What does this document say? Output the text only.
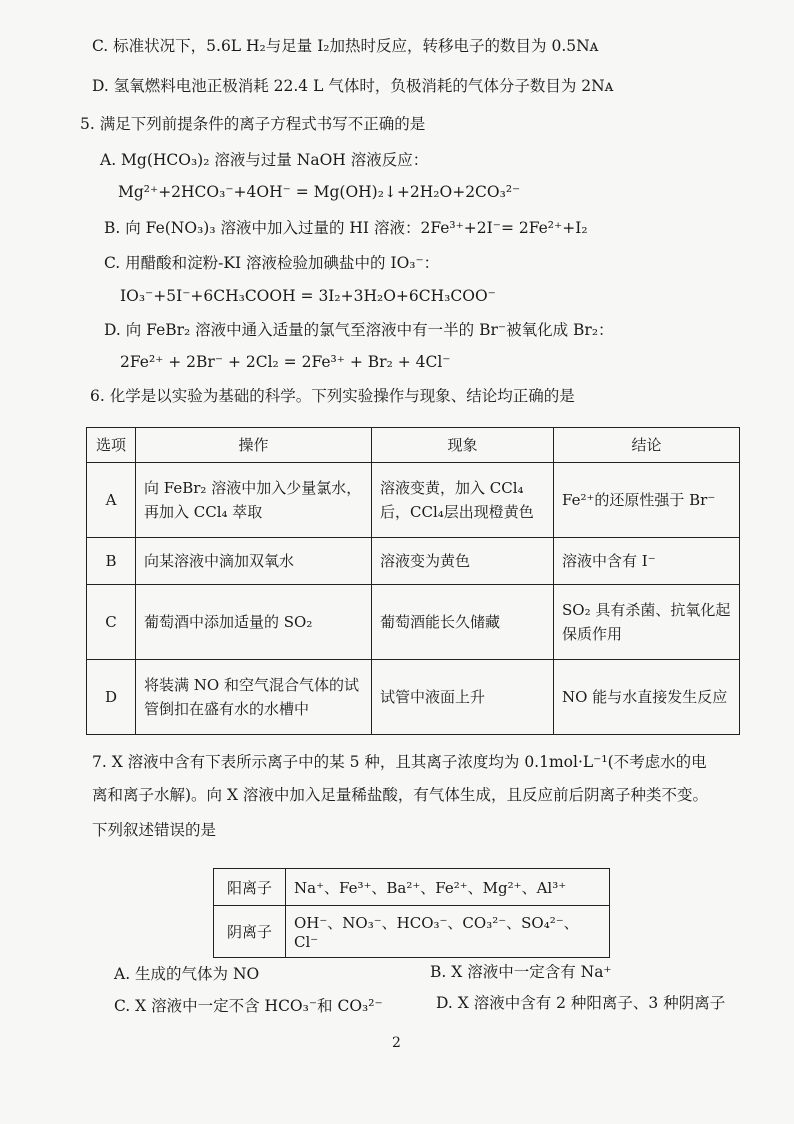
C. 标准状况下，5.6L H₂与足量 I₂加热时反应，转移电子的数目为 0.5Nᴀ
D. 氢氧燃料电池正极消耗 22.4 L 气体时，负极消耗的气体分子数目为 2Nᴀ
5. 满足下列前提条件的离子方程式书写不正确的是
A. Mg(HCO₃)₂ 溶液与过量 NaOH 溶液反应：
Mg²⁺+2HCO₃⁻+4OH⁻ = Mg(OH)₂↓+2H₂O+2CO₃²⁻
B. 向 Fe(NO₃)₃ 溶液中加入过量的 HI 溶液：2Fe³⁺+2I⁻= 2Fe²⁺+I₂
C. 用醋酸和淀粉-KI 溶液检验加碘盐中的 IO₃⁻：
IO₃⁻+5I⁻+6CH₃COOH = 3I₂+3H₂O+6CH₃COO⁻
D. 向 FeBr₂ 溶液中通入适量的氯气至溶液中有一半的 Br⁻被氧化成 Br₂：
2Fe²⁺ + 2Br⁻ + 2Cl₂ = 2Fe³⁺ + Br₂ + 4Cl⁻
6. 化学是以实验为基础的科学。下列实验操作与现象、结论均正确的是
选项	操作	现象	结论
A	向 FeBr₂ 溶液中加入少量氯水，再加入 CCl₄ 萃取	溶液变黄，加入 CCl₄后，CCl₄层出现橙黄色	Fe²⁺的还原性强于 Br⁻
B	向某溶液中滴加双氧水	溶液变为黄色	溶液中含有 I⁻
C	葡萄酒中添加适量的 SO₂	葡萄酒能长久储藏	SO₂ 具有杀菌、抗氧化起保质作用
D	将装满 NO 和空气混合气体的试管倒扣在盛有水的水槽中	试管中液面上升	NO 能与水直接发生反应
7. X 溶液中含有下表所示离子中的某 5 种，且其离子浓度均为 0.1mol·L⁻¹(不考虑水的电
离和离子水解)。向 X 溶液中加入足量稀盐酸，有气体生成，且反应前后阴离子种类不变。
下列叙述错误的是
阳离子	Na⁺、Fe³⁺、Ba²⁺、Fe²⁺、Mg²⁺、Al³⁺
阴离子	OH⁻、NO₃⁻、HCO₃⁻、CO₃²⁻、SO₄²⁻、Cl⁻
A. 生成的气体为 NO	B. X 溶液中一定含有 Na⁺
C. X 溶液中一定不含 HCO₃⁻和 CO₃²⁻	D. X 溶液中含有 2 种阳离子、3 种阴离子
2
